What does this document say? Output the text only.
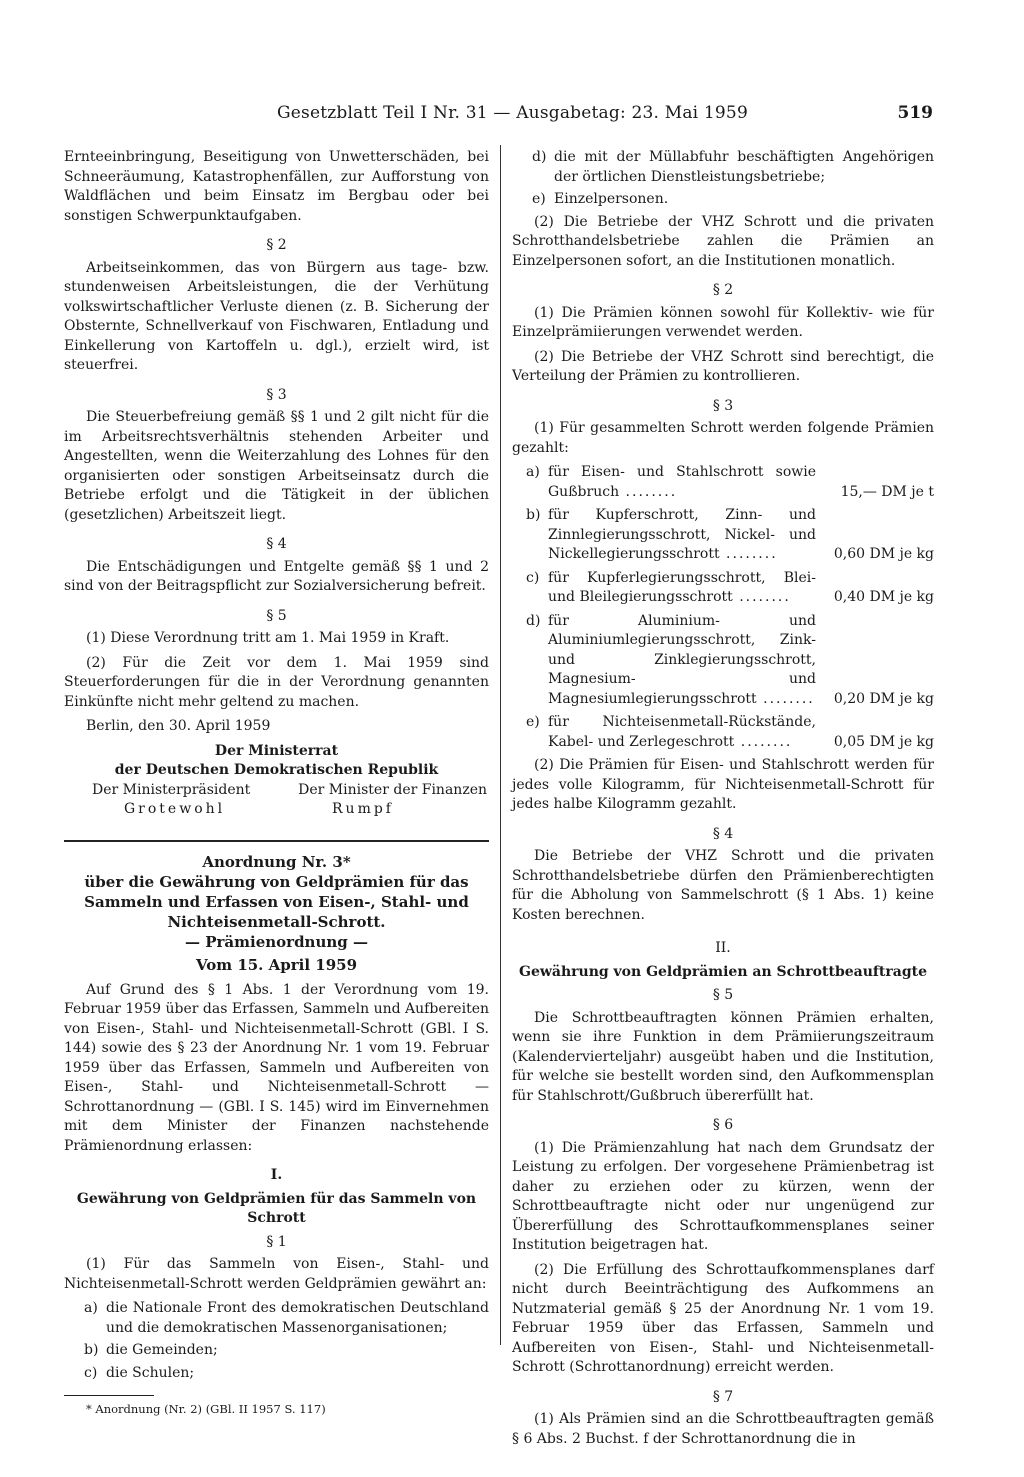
Gesetzblatt Teil I Nr. 31 — Ausgabetag: 23. Mai 1959	519

Ernteeinbringung, Beseitigung von Unwetterschäden, bei Schneeräumung, Katastrophenfällen, zur Aufforstung von Waldflächen und beim Einsatz im Bergbau oder bei sonstigen Schwerpunktaufgaben.

§ 2

Arbeitseinkommen, das von Bürgern aus tage- bzw. stundenweisen Arbeitsleistungen, die der Verhütung volkswirtschaftlicher Verluste dienen (z. B. Sicherung der Obsternte, Schnellverkauf von Fischwaren, Entladung und Einkellerung von Kartoffeln u. dgl.), erzielt wird, ist steuerfrei.

§ 3

Die Steuerbefreiung gemäß §§ 1 und 2 gilt nicht für die im Arbeitsrechtsverhältnis stehenden Arbeiter und Angestellten, wenn die Weiterzahlung des Lohnes für den organisierten oder sonstigen Arbeitseinsatz durch die Betriebe erfolgt und die Tätigkeit in der üblichen (gesetzlichen) Arbeitszeit liegt.

§ 4

Die Entschädigungen und Entgelte gemäß §§ 1 und 2 sind von der Beitragspflicht zur Sozialversicherung befreit.

§ 5

(1) Diese Verordnung tritt am 1. Mai 1959 in Kraft.

(2) Für die Zeit vor dem 1. Mai 1959 sind Steuerforderungen für die in der Verordnung genannten Einkünfte nicht mehr geltend zu machen.

Berlin, den 30. April 1959

Der Ministerrat
der Deutschen Demokratischen Republik
Der Ministerpräsident	Der Minister der Finanzen
Grotewohl	Rumpf

Anordnung Nr. 3*

über die Gewährung von Geldprämien für das Sammeln und Erfassen von Eisen-, Stahl- und Nichteisenmetall-Schrott.

— Prämienordnung —

Vom 15. April 1959

Auf Grund des § 1 Abs. 1 der Verordnung vom 19. Februar 1959 über das Erfassen, Sammeln und Aufbereiten von Eisen-, Stahl- und Nichteisenmetall-Schrott (GBl. I S. 144) sowie des § 23 der Anordnung Nr. 1 vom 19. Februar 1959 über das Erfassen, Sammeln und Aufbereiten von Eisen-, Stahl- und Nichteisenmetall-Schrott — Schrottanordnung — (GBl. I S. 145) wird im Einvernehmen mit dem Minister der Finanzen nachstehende Prämienordnung erlassen:

I.
Gewährung von Geldprämien für das Sammeln von Schrott
§ 1

(1) Für das Sammeln von Eisen-, Stahl- und Nichteisenmetall-Schrott werden Geldprämien gewährt an:

a) die Nationale Front des demokratischen Deutschland und die demokratischen Massenorganisationen;
b) die Gemeinden;
c) die Schulen;
* Anordnung (Nr. 2) (GBl. II 1957 S. 117)
d) die mit der Müllabfuhr beschäftigten Angehörigen der örtlichen Dienstleistungsbetriebe;
e) Einzelpersonen.

(2) Die Betriebe der VHZ Schrott und die privaten Schrotthandelsbetriebe zahlen die Prämien an Einzelpersonen sofort, an die Institutionen monatlich.

§ 2

(1) Die Prämien können sowohl für Kollektiv- wie für Einzelprämiierungen verwendet werden.

(2) Die Betriebe der VHZ Schrott sind berechtigt, die Verteilung der Prämien zu kontrollieren.

§ 3

(1) Für gesammelten Schrott werden folgende Prämien gezahlt:

a) für Eisen- und Stahlschrott sowie Gußbruch ........	15,— DM je t
b) für Kupferschrott, Zinn- und Zinnlegierungsschrott, Nickel- und Nickellegierungsschrott ........	0,60 DM je kg
c) für Kupferlegierungsschrott, Blei- und Bleilegierungsschrott ........	0,40 DM je kg
d) für Aluminium- und Aluminiumlegierungsschrott, Zink- und Zinklegierungsschrott, Magnesium- und Magnesiumlegierungsschrott ........	0,20 DM je kg
e) für Nichteisenmetall-Rückstände, Kabel- und Zerlegeschrott ........	0,05 DM je kg

(2) Die Prämien für Eisen- und Stahlschrott werden für jedes volle Kilogramm, für Nichteisenmetall-Schrott für jedes halbe Kilogramm gezahlt.

§ 4

Die Betriebe der VHZ Schrott und die privaten Schrotthandelsbetriebe dürfen den Prämienberechtigten für die Abholung von Sammelschrott (§ 1 Abs. 1) keine Kosten berechnen.

II.
Gewährung von Geldprämien an Schrottbeauftragte
§ 5

Die Schrottbeauftragten können Prämien erhalten, wenn sie ihre Funktion in dem Prämiierungszeitraum (Kalendervierteljahr) ausgeübt haben und die Institution, für welche sie bestellt worden sind, den Aufkommensplan für Stahlschrott/Gußbruch übererfüllt hat.

§ 6

(1) Die Prämienzahlung hat nach dem Grundsatz der Leistung zu erfolgen. Der vorgesehene Prämienbetrag ist daher zu erziehen oder zu kürzen, wenn der Schrottbeauftragte nicht oder nur ungenügend zur Übererfüllung des Schrottaufkommensplanes seiner Institution beigetragen hat.

(2) Die Erfüllung des Schrottaufkommensplanes darf nicht durch Beeinträchtigung des Aufkommens an Nutzmaterial gemäß § 25 der Anordnung Nr. 1 vom 19. Februar 1959 über das Erfassen, Sammeln und Aufbereiten von Eisen-, Stahl- und Nichteisenmetall-Schrott (Schrottanordnung) erreicht werden.

§ 7

(1) Als Prämien sind an die Schrottbeauftragten gemäß § 6 Abs. 2 Buchst. f der Schrottanordnung die in
